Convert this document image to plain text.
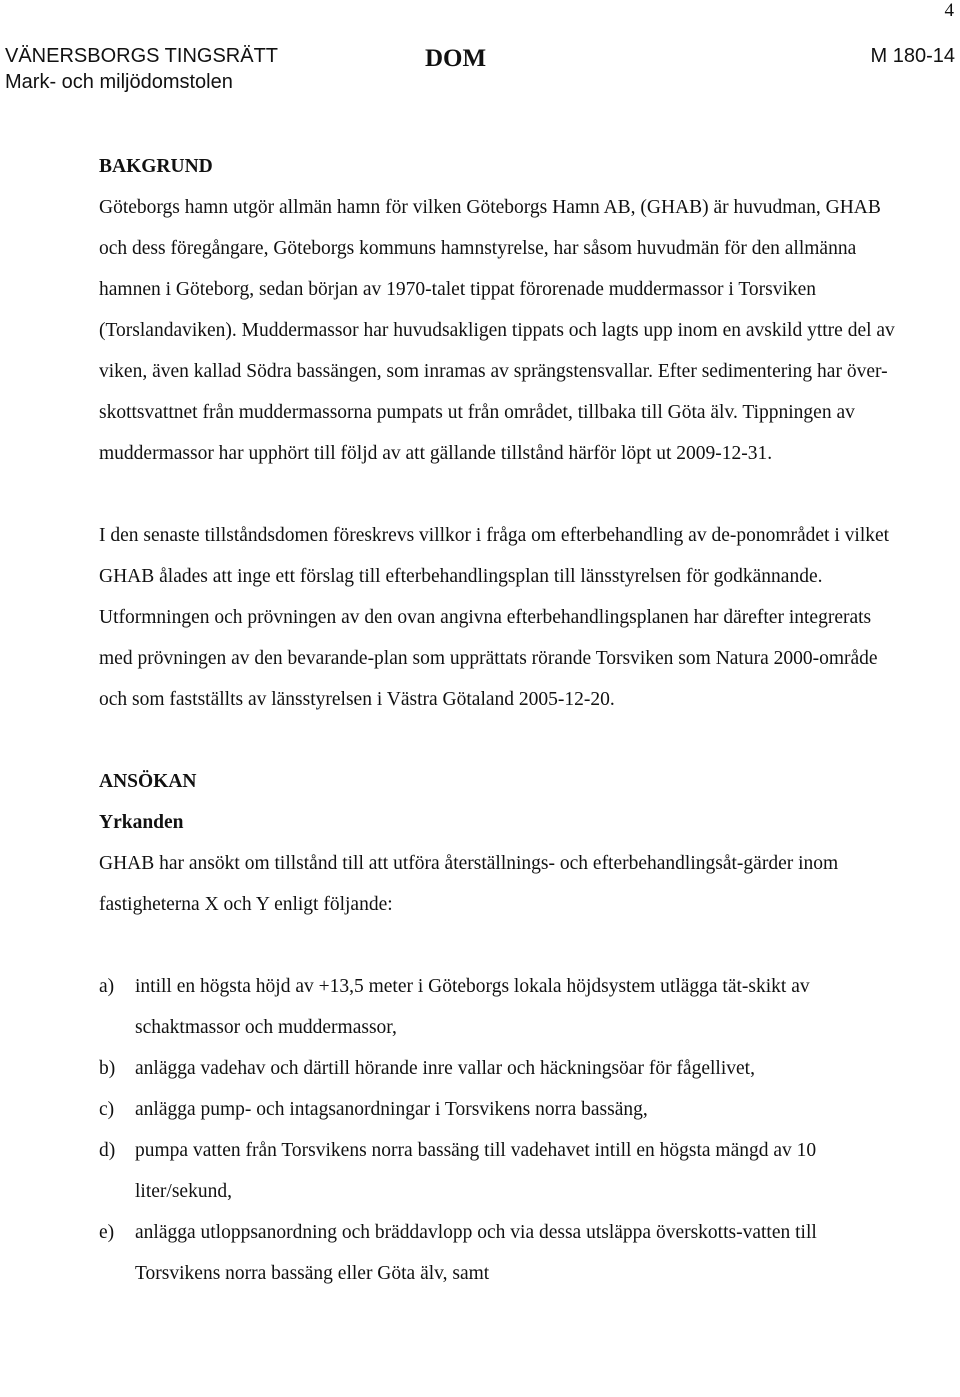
4
VÄNERSBORGS TINGSRÄTT
Mark- och miljödomstolen
DOM	M 180-14
BAKGRUND

Göteborgs hamn utgör allmän hamn för vilken Göteborgs Hamn AB, (GHAB) är huvudman, GHAB och dess föregångare, Göteborgs kommuns hamnstyrelse, har såsom huvudmän för den allmänna hamnen i Göteborg, sedan början av 1970-talet tippat förorenade muddermassor i Torsviken (Torslandaviken). Muddermassor har huvudsakligen tippats och lagts upp inom en avskild yttre del av viken, även kallad Södra bassängen, som inramas av sprängstensvallar. Efter sedimentering har över-skottsvattnet från muddermassorna pumpats ut från området, tillbaka till Göta älv. Tippningen av muddermassor har upphört till följd av att gällande tillstånd härför löpt ut 2009-12-31.

I den senaste tillståndsdomen föreskrevs villkor i fråga om efterbehandling av de-ponområdet i vilket GHAB ålades att inge ett förslag till efterbehandlingsplan till länsstyrelsen för godkännande. Utformningen och prövningen av den ovan angivna efterbehandlingsplanen har därefter integrerats med prövningen av den bevarande-plan som upprättats rörande Torsviken som Natura 2000-område och som fastställts av länsstyrelsen i Västra Götaland 2005-12-20.

ANSÖKAN
Yrkanden

GHAB har ansökt om tillstånd till att utföra återställnings- och efterbehandlingsåt-gärder inom fastigheterna X och Y enligt följande:

a) intill en högsta höjd av +13,5 meter i Göteborgs lokala höjdsystem utlägga tät-skikt av schaktmassor och muddermassor,
b) anlägga vadehav och därtill hörande inre vallar och häckningsöar för fågellivet,
c) anlägga pump- och intagsanordningar i Torsvikens norra bassäng,
d) pumpa vatten från Torsvikens norra bassäng till vadehavet intill en högsta mängd av 10 liter/sekund,
e) anlägga utloppsanordning och bräddavlopp och via dessa utsläppa överskotts-vatten till Torsvikens norra bassäng eller Göta älv, samt
